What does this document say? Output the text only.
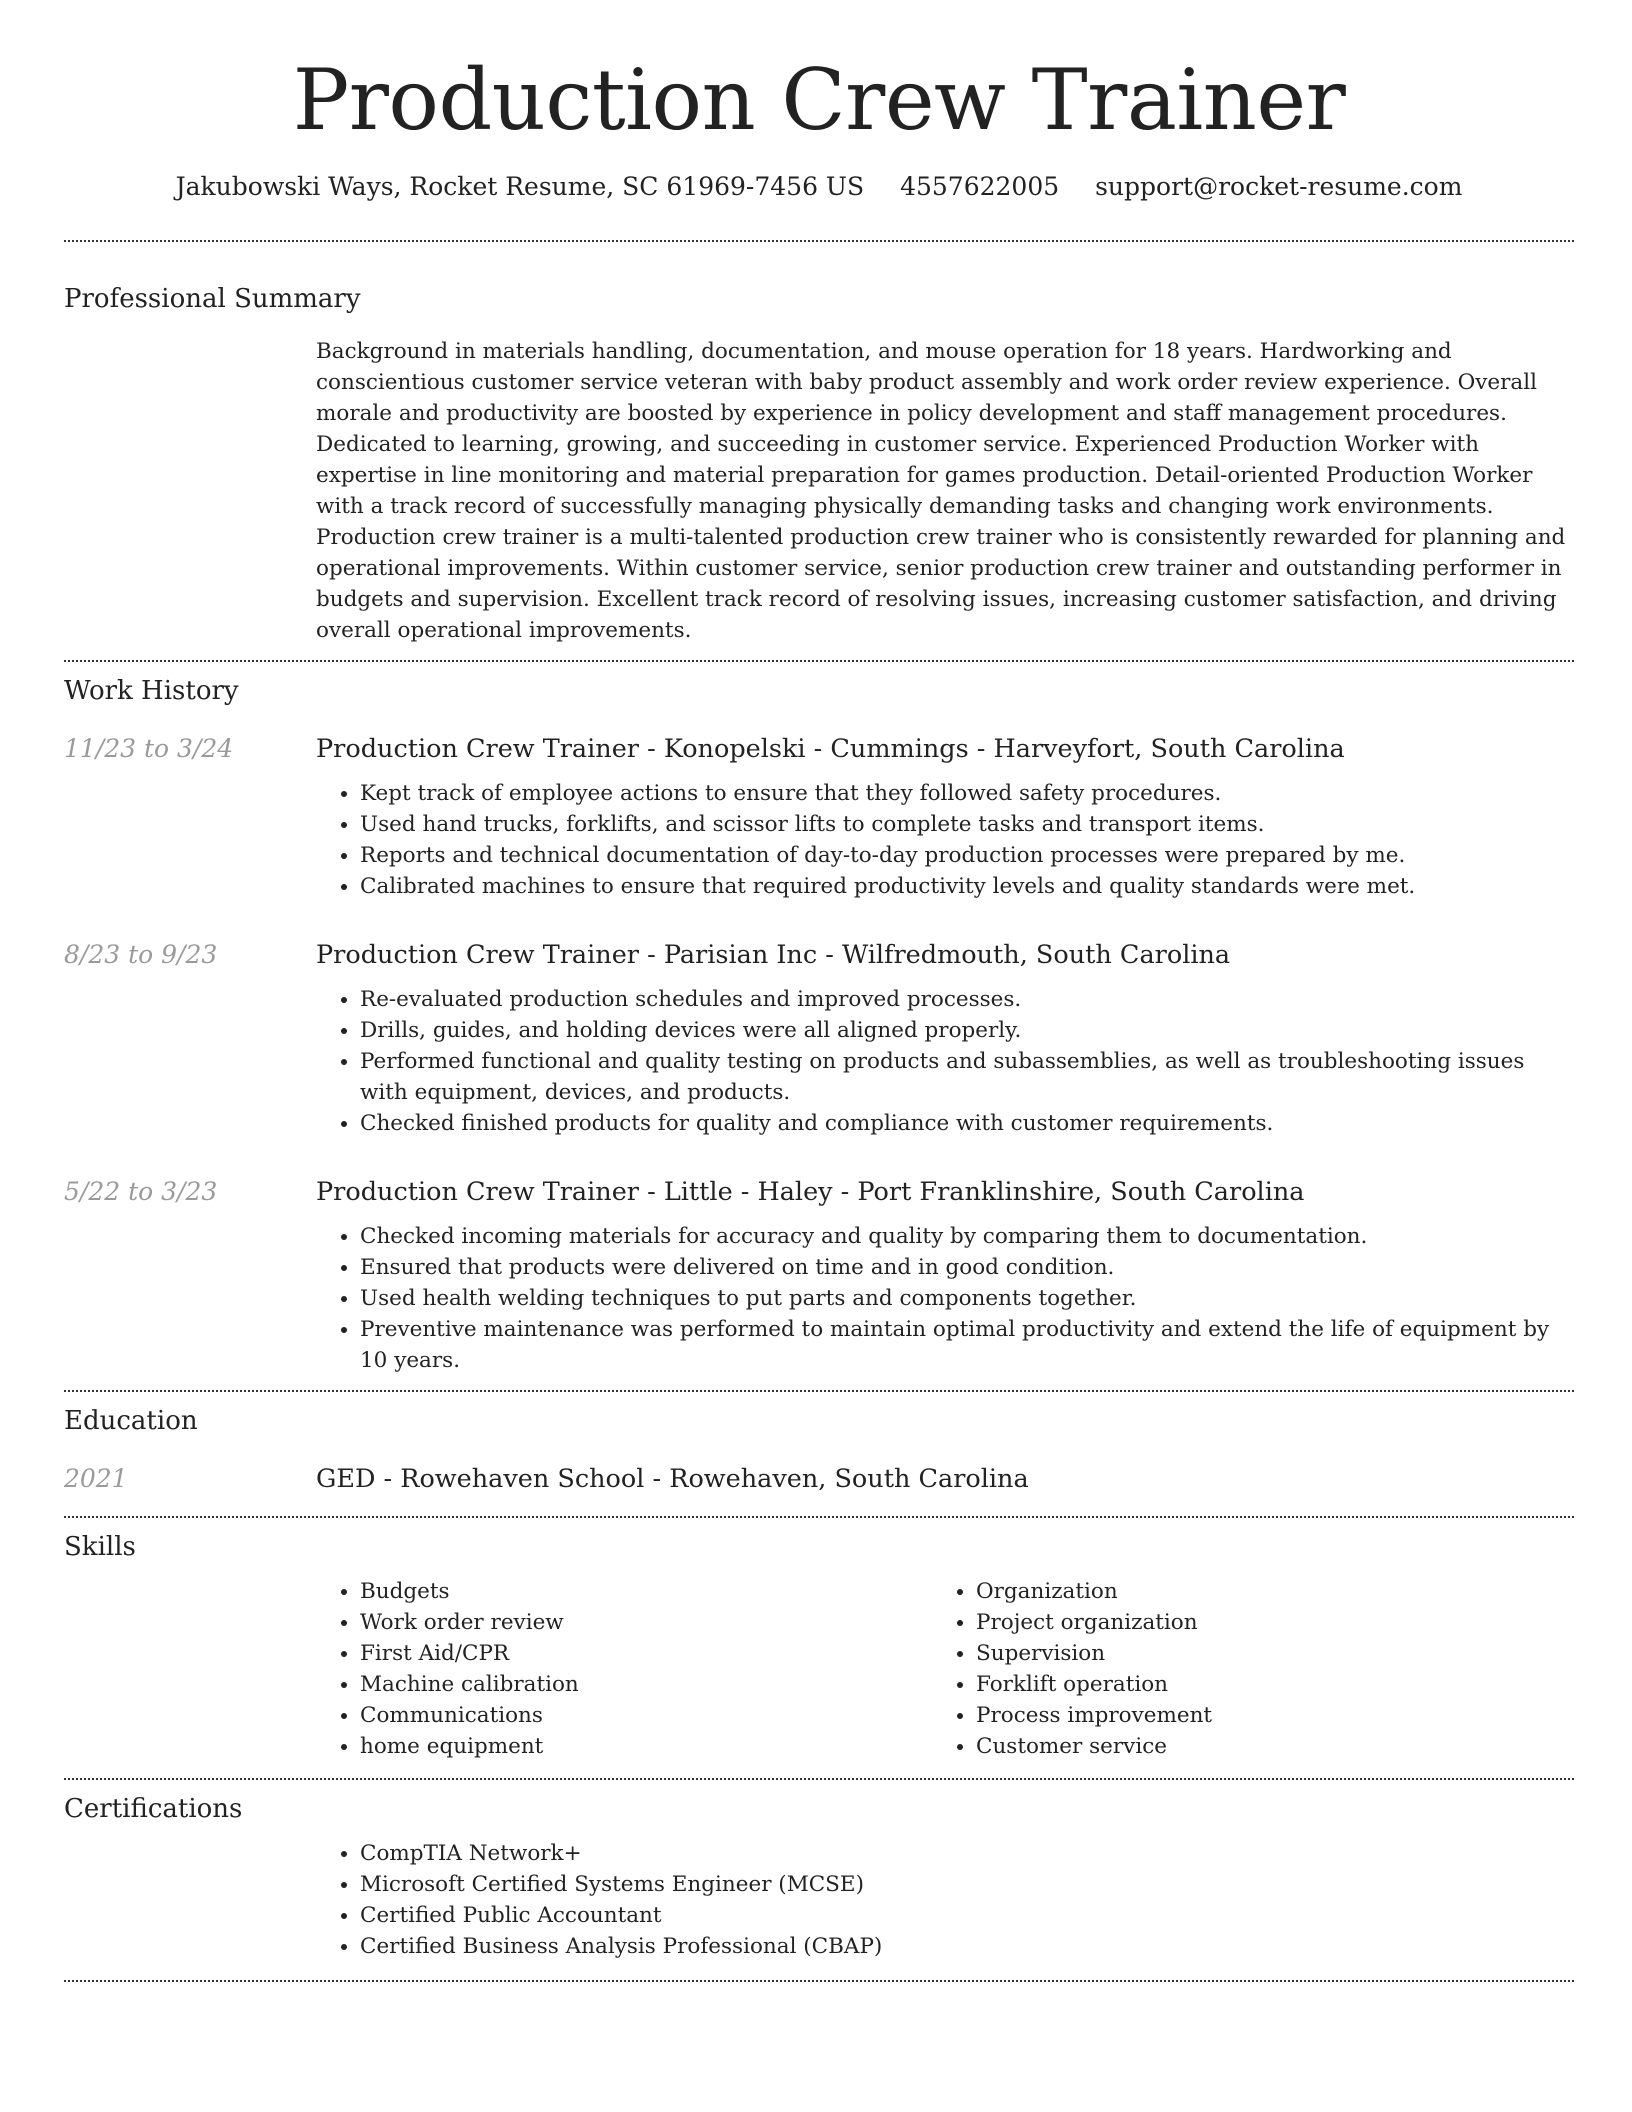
Production Crew Trainer
Jakubowski Ways, Rocket Resume, SC 61969-7456 US 4557622005 support@rocket-resume.com
Professional Summary
Background in materials handling, documentation, and mouse operation for 18 years. Hardworking and conscientious customer service veteran with baby product assembly and work order review experience. Overall morale and productivity are boosted by experience in policy development and staff management procedures. Dedicated to learning, growing, and succeeding in customer service. Experienced Production Worker with expertise in line monitoring and material preparation for games production. Detail-oriented Production Worker with a track record of successfully managing physically demanding tasks and changing work environments. Production crew trainer is a multi-talented production crew trainer who is consistently rewarded for planning and operational improvements. Within customer service, senior production crew trainer and outstanding performer in budgets and supervision. Excellent track record of resolving issues, increasing customer satisfaction, and driving overall operational improvements.
Work History
11/23 to 3/24	Production Crew Trainer - Konopelski - Cummings - Harveyfort, South Carolina
• Kept track of employee actions to ensure that they followed safety procedures.
• Used hand trucks, forklifts, and scissor lifts to complete tasks and transport items.
• Reports and technical documentation of day-to-day production processes were prepared by me.
• Calibrated machines to ensure that required productivity levels and quality standards were met.
8/23 to 9/23	Production Crew Trainer - Parisian Inc - Wilfredmouth, South Carolina
• Re-evaluated production schedules and improved processes.
• Drills, guides, and holding devices were all aligned properly.
• Performed functional and quality testing on products and subassemblies, as well as troubleshooting issues with equipment, devices, and products.
• Checked finished products for quality and compliance with customer requirements.
5/22 to 3/23	Production Crew Trainer - Little - Haley - Port Franklinshire, South Carolina
• Checked incoming materials for accuracy and quality by comparing them to documentation.
• Ensured that products were delivered on time and in good condition.
• Used health welding techniques to put parts and components together.
• Preventive maintenance was performed to maintain optimal productivity and extend the life of equipment by 10 years.
Education
2021	GED - Rowehaven School - Rowehaven, South Carolina
Skills
• Budgets
• Work order review
• First Aid/CPR
• Machine calibration
• Communications
• home equipment
• Organization
• Project organization
• Supervision
• Forklift operation
• Process improvement
• Customer service
Certifications
• CompTIA Network+
• Microsoft Certified Systems Engineer (MCSE)
• Certified Public Accountant
• Certified Business Analysis Professional (CBAP)
